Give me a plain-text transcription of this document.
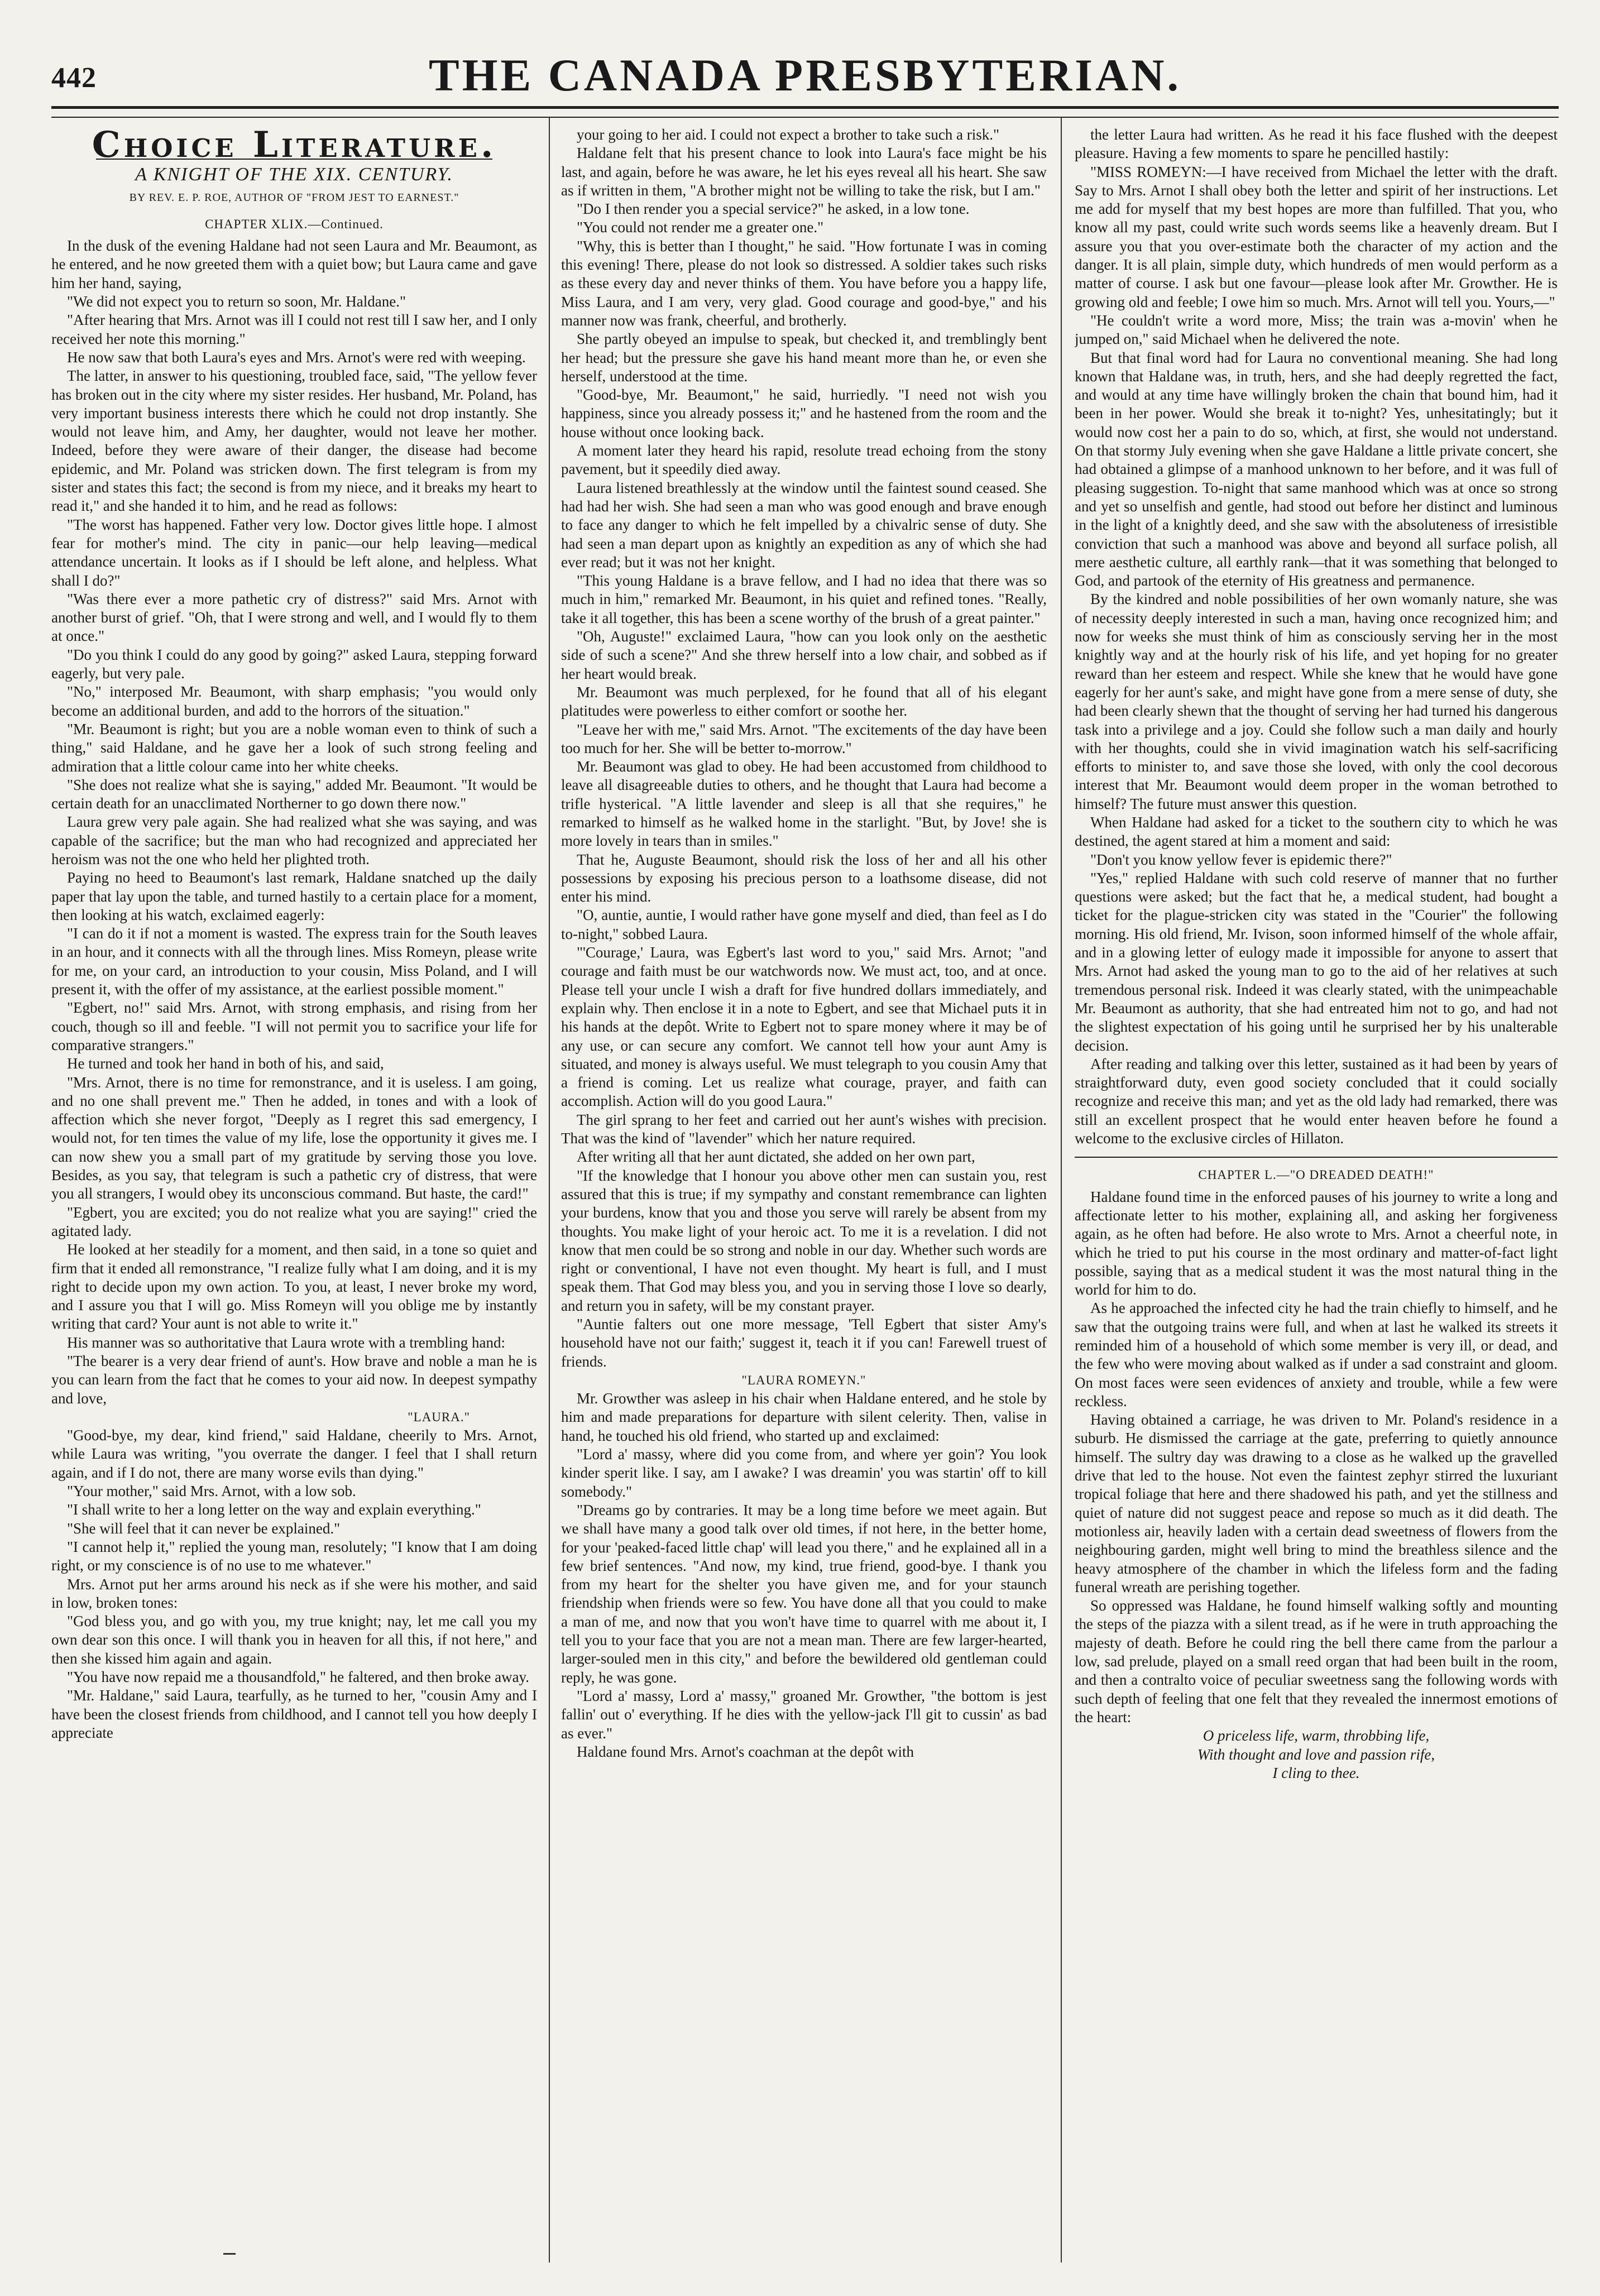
442	THE CANADA PRESBYTERIAN.
Choice Literature.
A KNIGHT OF THE XIX. CENTURY.
BY REV. E. P. ROE, AUTHOR OF "FROM JEST TO EARNEST."
CHAPTER XLIX.—Continued.

In the dusk of the evening Haldane had not seen Laura and Mr. Beaumont, as he entered, and he now greeted them with a quiet bow; but Laura came and gave him her hand, saying,

"We did not expect you to return so soon, Mr. Haldane."

"After hearing that Mrs. Arnot was ill I could not rest till I saw her, and I only received her note this morning."

He now saw that both Laura's eyes and Mrs. Arnot's were red with weeping.

The latter, in answer to his questioning, troubled face, said, "The yellow fever has broken out in the city where my sister resides. Her husband, Mr. Poland, has very important business interests there which he could not drop instantly. She would not leave him, and Amy, her daughter, would not leave her mother. Indeed, before they were aware of their danger, the disease had become epidemic, and Mr. Poland was stricken down. The first telegram is from my sister and states this fact; the second is from my niece, and it breaks my heart to read it," and she handed it to him, and he read as follows:

"The worst has happened. Father very low. Doctor gives little hope. I almost fear for mother's mind. The city in panic—our help leaving—medical attendance uncertain. It looks as if I should be left alone, and helpless. What shall I do?"

"Was there ever a more pathetic cry of distress?" said Mrs. Arnot with another burst of grief. "Oh, that I were strong and well, and I would fly to them at once."

"Do you think I could do any good by going?" asked Laura, stepping forward eagerly, but very pale.

"No," interposed Mr. Beaumont, with sharp emphasis; "you would only become an additional burden, and add to the horrors of the situation."

"Mr. Beaumont is right; but you are a noble woman even to think of such a thing," said Haldane, and he gave her a look of such strong feeling and admiration that a little colour came into her white cheeks.

"She does not realize what she is saying," added Mr. Beaumont. "It would be certain death for an unacclimated Northerner to go down there now."

Laura grew very pale again. She had realized what she was saying, and was capable of the sacrifice; but the man who had recognized and appreciated her heroism was not the one who held her plighted troth.

Paying no heed to Beaumont's last remark, Haldane snatched up the daily paper that lay upon the table, and turned hastily to a certain place for a moment, then looking at his watch, exclaimed eagerly:

"I can do it if not a moment is wasted. The express train for the South leaves in an hour, and it connects with all the through lines. Miss Romeyn, please write for me, on your card, an introduction to your cousin, Miss Poland, and I will present it, with the offer of my assistance, at the earliest possible moment."

"Egbert, no!" said Mrs. Arnot, with strong emphasis, and rising from her couch, though so ill and feeble. "I will not permit you to sacrifice your life for comparative strangers."

He turned and took her hand in both of his, and said,

"Mrs. Arnot, there is no time for remonstrance, and it is useless. I am going, and no one shall prevent me." Then he added, in tones and with a look of affection which she never forgot, "Deeply as I regret this sad emergency, I would not, for ten times the value of my life, lose the opportunity it gives me. I can now shew you a small part of my gratitude by serving those you love. Besides, as you say, that telegram is such a pathetic cry of distress, that were you all strangers, I would obey its unconscious command. But haste, the card!"

"Egbert, you are excited; you do not realize what you are saying!" cried the agitated lady.

He looked at her steadily for a moment, and then said, in a tone so quiet and firm that it ended all remonstrance, "I realize fully what I am doing, and it is my right to decide upon my own action. To you, at least, I never broke my word, and I assure you that I will go. Miss Romeyn will you oblige me by instantly writing that card? Your aunt is not able to write it."

His manner was so authoritative that Laura wrote with a trembling hand:

"The bearer is a very dear friend of aunt's. How brave and noble a man he is you can learn from the fact that he comes to your aid now. In deepest sympathy and love,

"LAURA."

"Good-bye, my dear, kind friend," said Haldane, cheerily to Mrs. Arnot, while Laura was writing, "you overrate the danger. I feel that I shall return again, and if I do not, there are many worse evils than dying."

"Your mother," said Mrs. Arnot, with a low sob.

"I shall write to her a long letter on the way and explain everything."

"She will feel that it can never be explained."

"I cannot help it," replied the young man, resolutely; "I know that I am doing right, or my conscience is of no use to me whatever."

Mrs. Arnot put her arms around his neck as if she were his mother, and said in low, broken tones:

"God bless you, and go with you, my true knight; nay, let me call you my own dear son this once. I will thank you in heaven for all this, if not here," and then she kissed him again and again.

"You have now repaid me a thousandfold," he faltered, and then broke away.

"Mr. Haldane," said Laura, tearfully, as he turned to her, "cousin Amy and I have been the closest friends from childhood, and I cannot tell you how deeply I appreciate

your going to her aid. I could not expect a brother to take such a risk."

Haldane felt that his present chance to look into Laura's face might be his last, and again, before he was aware, he let his eyes reveal all his heart. She saw as if written in them, "A brother might not be willing to take the risk, but I am."

"Do I then render you a special service?" he asked, in a low tone.

"You could not render me a greater one."

"Why, this is better than I thought," he said. "How fortunate I was in coming this evening! There, please do not look so distressed. A soldier takes such risks as these every day and never thinks of them. You have before you a happy life, Miss Laura, and I am very, very glad. Good courage and good-bye," and his manner now was frank, cheerful, and brotherly.

She partly obeyed an impulse to speak, but checked it, and tremblingly bent her head; but the pressure she gave his hand meant more than he, or even she herself, understood at the time.

"Good-bye, Mr. Beaumont," he said, hurriedly. "I need not wish you happiness, since you already possess it;" and he hastened from the room and the house without once looking back.

A moment later they heard his rapid, resolute tread echoing from the stony pavement, but it speedily died away.

Laura listened breathlessly at the window until the faintest sound ceased. She had had her wish. She had seen a man who was good enough and brave enough to face any danger to which he felt impelled by a chivalric sense of duty. She had seen a man depart upon as knightly an expedition as any of which she had ever read; but it was not her knight.

"This young Haldane is a brave fellow, and I had no idea that there was so much in him," remarked Mr. Beaumont, in his quiet and refined tones. "Really, take it all together, this has been a scene worthy of the brush of a great painter."

"Oh, Auguste!" exclaimed Laura, "how can you look only on the aesthetic side of such a scene?" And she threw herself into a low chair, and sobbed as if her heart would break.

Mr. Beaumont was much perplexed, for he found that all of his elegant platitudes were powerless to either comfort or soothe her.

"Leave her with me," said Mrs. Arnot. "The excitements of the day have been too much for her. She will be better to-morrow."

Mr. Beaumont was glad to obey. He had been accustomed from childhood to leave all disagreeable duties to others, and he thought that Laura had become a trifle hysterical. "A little lavender and sleep is all that she requires," he remarked to himself as he walked home in the starlight. "But, by Jove! she is more lovely in tears than in smiles."

That he, Auguste Beaumont, should risk the loss of her and all his other possessions by exposing his precious person to a loathsome disease, did not enter his mind.

"O, auntie, auntie, I would rather have gone myself and died, than feel as I do to-night," sobbed Laura.

"'Courage,' Laura, was Egbert's last word to you," said Mrs. Arnot; "and courage and faith must be our watchwords now. We must act, too, and at once. Please tell your uncle I wish a draft for five hundred dollars immediately, and explain why. Then enclose it in a note to Egbert, and see that Michael puts it in his hands at the depôt. Write to Egbert not to spare money where it may be of any use, or can secure any comfort. We cannot tell how your aunt Amy is situated, and money is always useful. We must telegraph to you cousin Amy that a friend is coming. Let us realize what courage, prayer, and faith can accomplish. Action will do you good Laura."

The girl sprang to her feet and carried out her aunt's wishes with precision. That was the kind of "lavender" which her nature required.

After writing all that her aunt dictated, she added on her own part,

"If the knowledge that I honour you above other men can sustain you, rest assured that this is true; if my sympathy and constant remembrance can lighten your burdens, know that you and those you serve will rarely be absent from my thoughts. You make light of your heroic act. To me it is a revelation. I did not know that men could be so strong and noble in our day. Whether such words are right or conventional, I have not even thought. My heart is full, and I must speak them. That God may bless you, and you in serving those I love so dearly, and return you in safety, will be my constant prayer.

"Auntie falters out one more message, 'Tell Egbert that sister Amy's household have not our faith;' suggest it, teach it if you can! Farewell truest of friends.

"LAURA ROMEYN."

Mr. Growther was asleep in his chair when Haldane entered, and he stole by him and made preparations for departure with silent celerity. Then, valise in hand, he touched his old friend, who started up and exclaimed:

"Lord a' massy, where did you come from, and where yer goin'? You look kinder sperit like. I say, am I awake? I was dreamin' you was startin' off to kill somebody."

"Dreams go by contraries. It may be a long time before we meet again. But we shall have many a good talk over old times, if not here, in the better home, for your 'peaked-faced little chap' will lead you there," and he explained all in a few brief sentences. "And now, my kind, true friend, good-bye. I thank you from my heart for the shelter you have given me, and for your staunch friendship when friends were so few. You have done all that you could to make a man of me, and now that you won't have time to quarrel with me about it, I tell you to your face that you are not a mean man. There are few larger-hearted, larger-souled men in this city," and before the bewildered old gentleman could reply, he was gone.

"Lord a' massy, Lord a' massy," groaned Mr. Growther, "the bottom is jest fallin' out o' everything. If he dies with the yellow-jack I'll git to cussin' as bad as ever."

Haldane found Mrs. Arnot's coachman at the depôt with

the letter Laura had written. As he read it his face flushed with the deepest pleasure. Having a few moments to spare he pencilled hastily:

"MISS ROMEYN:—I have received from Michael the letter with the draft. Say to Mrs. Arnot I shall obey both the letter and spirit of her instructions. Let me add for myself that my best hopes are more than fulfilled. That you, who know all my past, could write such words seems like a heavenly dream. But I assure you that you over-estimate both the character of my action and the danger. It is all plain, simple duty, which hundreds of men would perform as a matter of course. I ask but one favour—please look after Mr. Growther. He is growing old and feeble; I owe him so much. Mrs. Arnot will tell you. Yours,—"

"He couldn't write a word more, Miss; the train was a-movin' when he jumped on," said Michael when he delivered the note.

But that final word had for Laura no conventional meaning. She had long known that Haldane was, in truth, hers, and she had deeply regretted the fact, and would at any time have willingly broken the chain that bound him, had it been in her power. Would she break it to-night? Yes, unhesitatingly; but it would now cost her a pain to do so, which, at first, she would not understand. On that stormy July evening when she gave Haldane a little private concert, she had obtained a glimpse of a manhood unknown to her before, and it was full of pleasing suggestion. To-night that same manhood which was at once so strong and yet so unselfish and gentle, had stood out before her distinct and luminous in the light of a knightly deed, and she saw with the absoluteness of irresistible conviction that such a manhood was above and beyond all surface polish, all mere aesthetic culture, all earthly rank—that it was something that belonged to God, and partook of the eternity of His greatness and permanence.

By the kindred and noble possibilities of her own womanly nature, she was of necessity deeply interested in such a man, having once recognized him; and now for weeks she must think of him as consciously serving her in the most knightly way and at the hourly risk of his life, and yet hoping for no greater reward than her esteem and respect. While she knew that he would have gone eagerly for her aunt's sake, and might have gone from a mere sense of duty, she had been clearly shewn that the thought of serving her had turned his dangerous task into a privilege and a joy. Could she follow such a man daily and hourly with her thoughts, could she in vivid imagination watch his self-sacrificing efforts to minister to, and save those she loved, with only the cool decorous interest that Mr. Beaumont would deem proper in the woman betrothed to himself? The future must answer this question.

When Haldane had asked for a ticket to the southern city to which he was destined, the agent stared at him a moment and said:

"Don't you know yellow fever is epidemic there?"

"Yes," replied Haldane with such cold reserve of manner that no further questions were asked; but the fact that he, a medical student, had bought a ticket for the plague-stricken city was stated in the "Courier" the following morning. His old friend, Mr. Ivison, soon informed himself of the whole affair, and in a glowing letter of eulogy made it impossible for anyone to assert that Mrs. Arnot had asked the young man to go to the aid of her relatives at such tremendous personal risk. Indeed it was clearly stated, with the unimpeachable Mr. Beaumont as authority, that she had entreated him not to go, and had not the slightest expectation of his going until he surprised her by his unalterable decision.

After reading and talking over this letter, sustained as it had been by years of straightforward duty, even good society concluded that it could socially recognize and receive this man; and yet as the old lady had remarked, there was still an excellent prospect that he would enter heaven before he found a welcome to the exclusive circles of Hillaton.

CHAPTER L.—"O DREADED DEATH!"

Haldane found time in the enforced pauses of his journey to write a long and affectionate letter to his mother, explaining all, and asking her forgiveness again, as he often had before. He also wrote to Mrs. Arnot a cheerful note, in which he tried to put his course in the most ordinary and matter-of-fact light possible, saying that as a medical student it was the most natural thing in the world for him to do.

As he approached the infected city he had the train chiefly to himself, and he saw that the outgoing trains were full, and when at last he walked its streets it reminded him of a household of which some member is very ill, or dead, and the few who were moving about walked as if under a sad constraint and gloom. On most faces were seen evidences of anxiety and trouble, while a few were reckless.

Having obtained a carriage, he was driven to Mr. Poland's residence in a suburb. He dismissed the carriage at the gate, preferring to quietly announce himself. The sultry day was drawing to a close as he walked up the gravelled drive that led to the house. Not even the faintest zephyr stirred the luxuriant tropical foliage that here and there shadowed his path, and yet the stillness and quiet of nature did not suggest peace and repose so much as it did death. The motionless air, heavily laden with a certain dead sweetness of flowers from the neighbouring garden, might well bring to mind the breathless silence and the heavy atmosphere of the chamber in which the lifeless form and the fading funeral wreath are perishing together.

So oppressed was Haldane, he found himself walking softly and mounting the steps of the piazza with a silent tread, as if he were in truth approaching the majesty of death. Before he could ring the bell there came from the parlour a low, sad prelude, played on a small reed organ that had been built in the room, and then a contralto voice of peculiar sweetness sang the following words with such depth of feeling that one felt that they revealed the innermost emotions of the heart:

O priceless life, warm, throbbing life,

With thought and love and passion rife,

I cling to thee.
